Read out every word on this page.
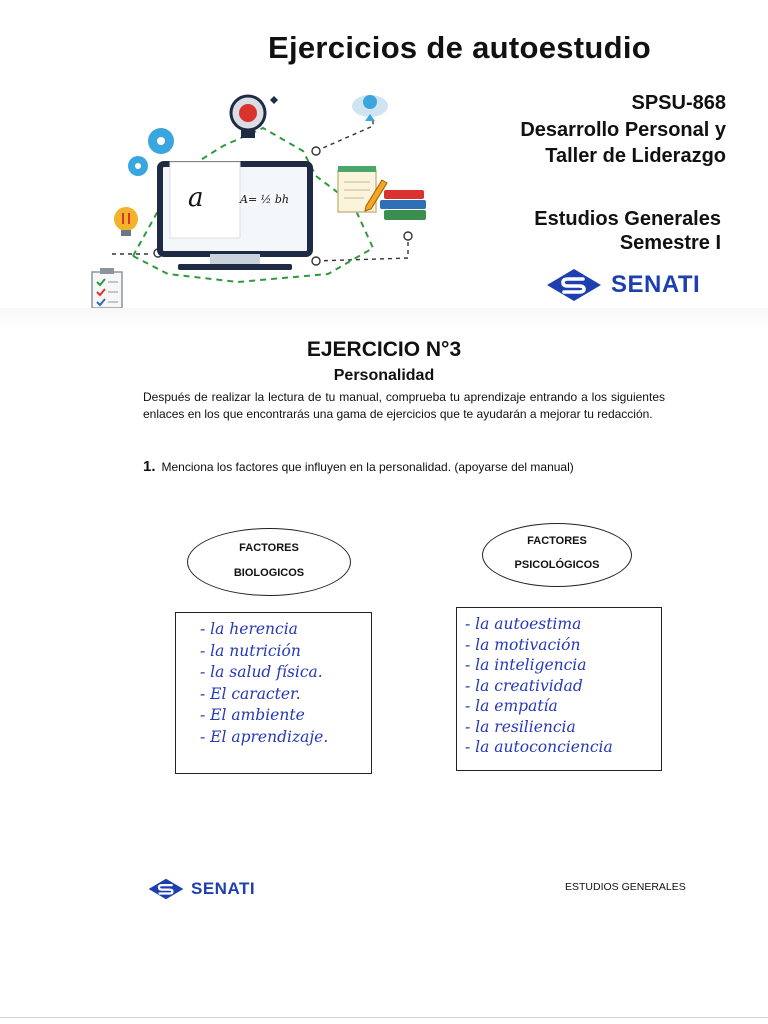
a	A= ½ bh
Ejercicios de autoestudio
SPSU-868
Desarrollo Personal y
Taller de Liderazgo
Estudios Generales
Semestre I
SENATI
EJERCICIO N°3
Personalidad
Después de realizar la lectura de tu manual, comprueba tu aprendizaje entrando a los siguientes enlaces en los que encontrarás una gama de ejercicios que te ayudarán a mejorar tu redacción.
1. Menciona los factores que influyen en la personalidad. (apoyarse del manual)
FACTORES
BIOLOGICOS
- la herencia
- la nutrición
- la salud física.
- El caracter.
- El ambiente
- El aprendizaje.
FACTORES
PSICOLÓGICOS
- la autoestima
- la motivación
- la inteligencia
- la creatividad
- la empatía
- la resiliencia
- la autoconciencia
SENATI	ESTUDIOS GENERALES
